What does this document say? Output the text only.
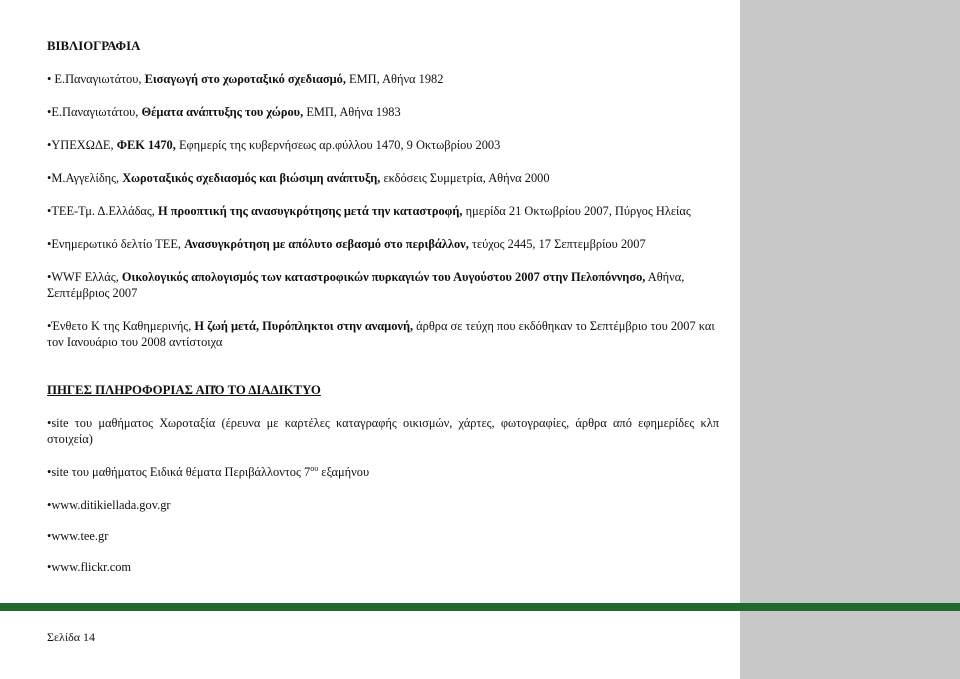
ΒΙΒΛΙΟΓΡΑΦΙΑ
• Ε.Παναγιωτάτου, Εισαγωγή στο χωροταξικό σχεδιασμό, ΕΜΠ, Αθήνα 1982
•Ε.Παναγιωτάτου, Θέματα ανάπτυξης του χώρου, ΕΜΠ, Αθήνα 1983
•ΥΠΕΧΩΔΕ, ΦΕΚ 1470, Εφημερίς της κυβερνήσεως αρ.φύλλου 1470, 9 Οκτωβρίου 2003
•Μ.Αγγελίδης, Χωροταξικός σχεδιασμός και βιώσιμη ανάπτυξη, εκδόσεις Συμμετρία, Αθήνα 2000
•ΤΕΕ-Τμ. Δ.Ελλάδας, Η προοπτική της ανασυγκρότησης μετά την καταστροφή, ημερίδα 21 Οκτωβρίου 2007, Πύργος Ηλείας
•Ενημερωτικό δελτίο ΤΕΕ, Ανασυγκρότηση με απόλυτο σεβασμό στο περιβάλλον, τεύχος 2445, 17 Σεπτεμβρίου 2007
•WWF Ελλάς, Οικολογικός απολογισμός των καταστροφικών πυρκαγιών του Αυγούστου 2007 στην Πελοπόννησο, Αθήνα, Σεπτέμβριος 2007
•Ένθετο Κ της Καθημερινής, Η ζωή μετά, Πυρόπληκτοι στην αναμονή, άρθρα σε τεύχη που εκδόθηκαν το Σεπτέμβριο του 2007 και τον Ιανουάριο του 2008 αντίστοιχα
ΠΗΓΕΣ ΠΛΗΡΟΦΟΡΙΑΣ ΑΠΌ ΤΟ ΔΙΑΔΙΚΤΥΟ
•site του μαθήματος Χωροταξία (έρευνα με καρτέλες καταγραφής οικισμών, χάρτες, φωτογραφίες, άρθρα από εφημερίδες κλπ στοιχεία)
•site του μαθήματος Ειδικά θέματα Περιβάλλοντος $7^{o\upsilon}$ εξαμήνου
•www.ditikiellada.gov.gr
•www.tee.gr
•www.flickr.com
Σελίδα 14
